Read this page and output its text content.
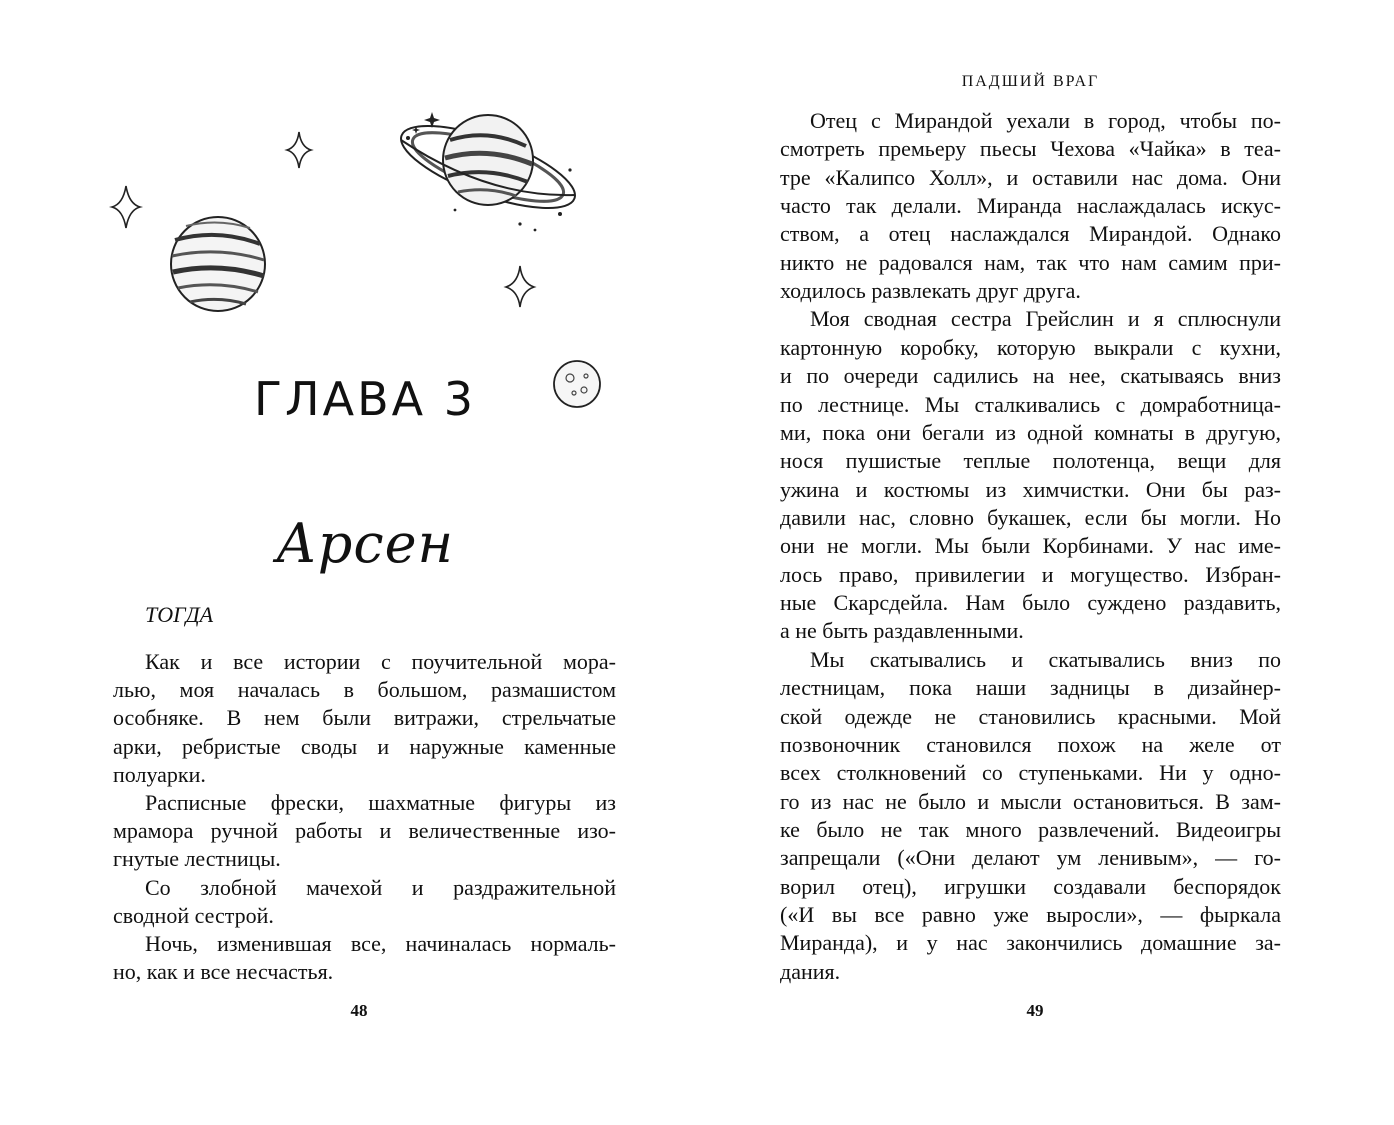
ГЛАВА 3
Арсен
ТОГДА
Как и все истории с поучительной мора-
лью, моя началась в большом, размашистом
особняке. В нем были витражи, стрельчатые
арки, ребристые своды и наружные каменные
полуарки.
Расписные фрески, шахматные фигуры из
мрамора ручной работы и величественные изо-
гнутые лестницы.
Со злобной мачехой и раздражительной
сводной сестрой.
Ночь, изменившая все, начиналась нормаль-
но, как и все несчастья.
48
ПАДШИЙ ВРАГ
Отец с Мирандой уехали в город, чтобы по-
смотреть премьеру пьесы Чехова «Чайка» в теа-
тре «Калипсо Холл», и оставили нас дома. Они
часто так делали. Миранда наслаждалась искус-
ством, а отец наслаждался Мирандой. Однако
никто не радовался нам, так что нам самим при-
ходилось развлекать друг друга.
Моя сводная сестра Грейслин и я сплюснули
картонную коробку, которую выкрали с кухни,
и по очереди садились на нее, скатываясь вниз
по лестнице. Мы сталкивались с домработница-
ми, пока они бегали из одной комнаты в другую,
нося пушистые теплые полотенца, вещи для
ужина и костюмы из химчистки. Они бы раз-
давили нас, словно букашек, если бы могли. Но
они не могли. Мы были Корбинами. У нас име-
лось право, привилегии и могущество. Избран-
ные Скарсдейла. Нам было суждено раздавить,
а не быть раздавленными.
Мы скатывались и скатывались вниз по
лестницам, пока наши задницы в дизайнер-
ской одежде не становились красными. Мой
позвоночник становился похож на желе от
всех столкновений со ступеньками. Ни у одно-
го из нас не было и мысли остановиться. В зам-
ке было не так много развлечений. Видеоигры
запрещали («Они делают ум ленивым», — го-
ворил отец), игрушки создавали беспорядок
(«И вы все равно уже выросли», — фыркала
Миранда), и у нас закончились домашние за-
дания.
49
